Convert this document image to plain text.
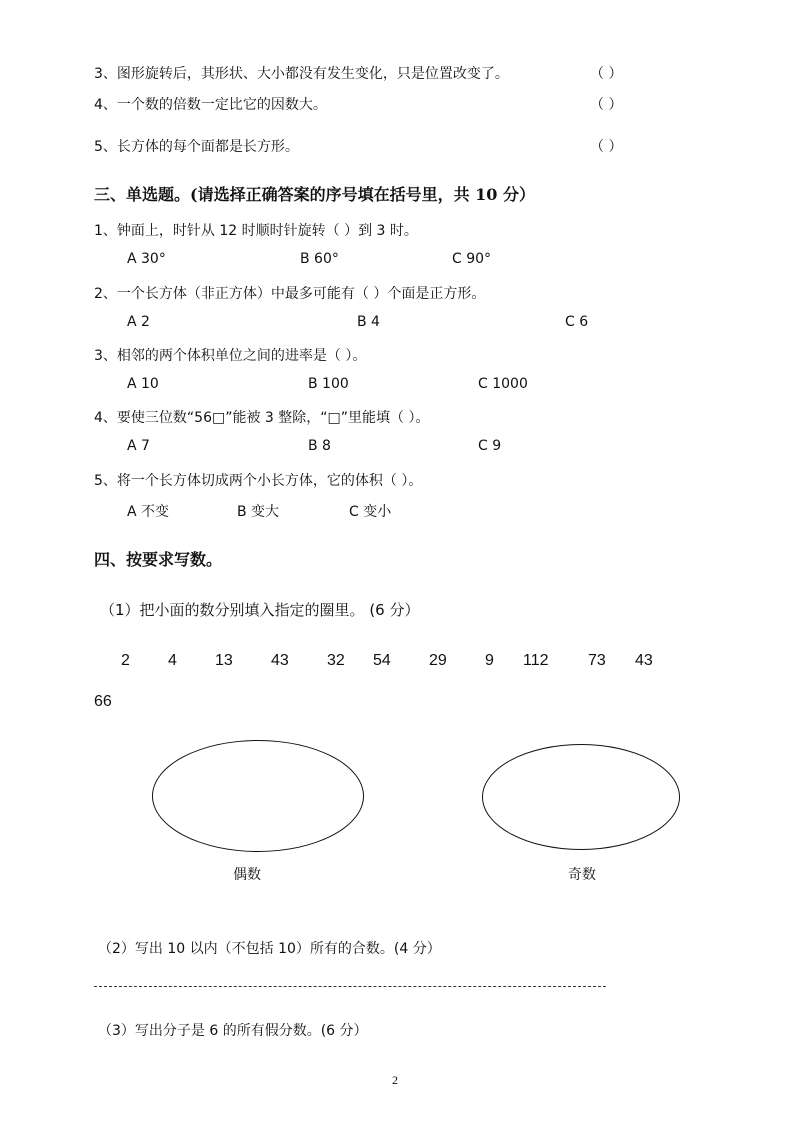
3、图形旋转后，其形状、大小都没有发生变化，只是位置改变了。	（ ）
4、一个数的倍数一定比它的因数大。	（ ）
5、长方体的每个面都是长方形。	（ ）
三、单选题。(请选择正确答案的序号填在括号里，共 10 分）
1、钟面上，时针从 12 时顺时针旋转（ ）到 3 时。
A 30°	B 60°	C 90°
2、一个长方体（非正方体）中最多可能有（ ）个面是正方形。
A 2	B 4	C 6
3、相邻的两个体积单位之间的进率是（ ）。
A 10	B 100	C 1000
4、要使三位数“56□”能被 3 整除，“□”里能填（ ）。
A 7	B 8	C 9
5、将一个长方体切成两个小长方体，它的体积（ ）。
A 不变	B 变大	C 变小
四、按要求写数。
（1）把小面的数分别填入指定的圈里。 (6 分）
2 4 13 43 32 54 29 9 112 73 43
66
偶数	奇数
（2）写出 10 以内（不包括 10）所有的合数。(4 分）
（3）写出分子是 6 的所有假分数。(6 分）
2
